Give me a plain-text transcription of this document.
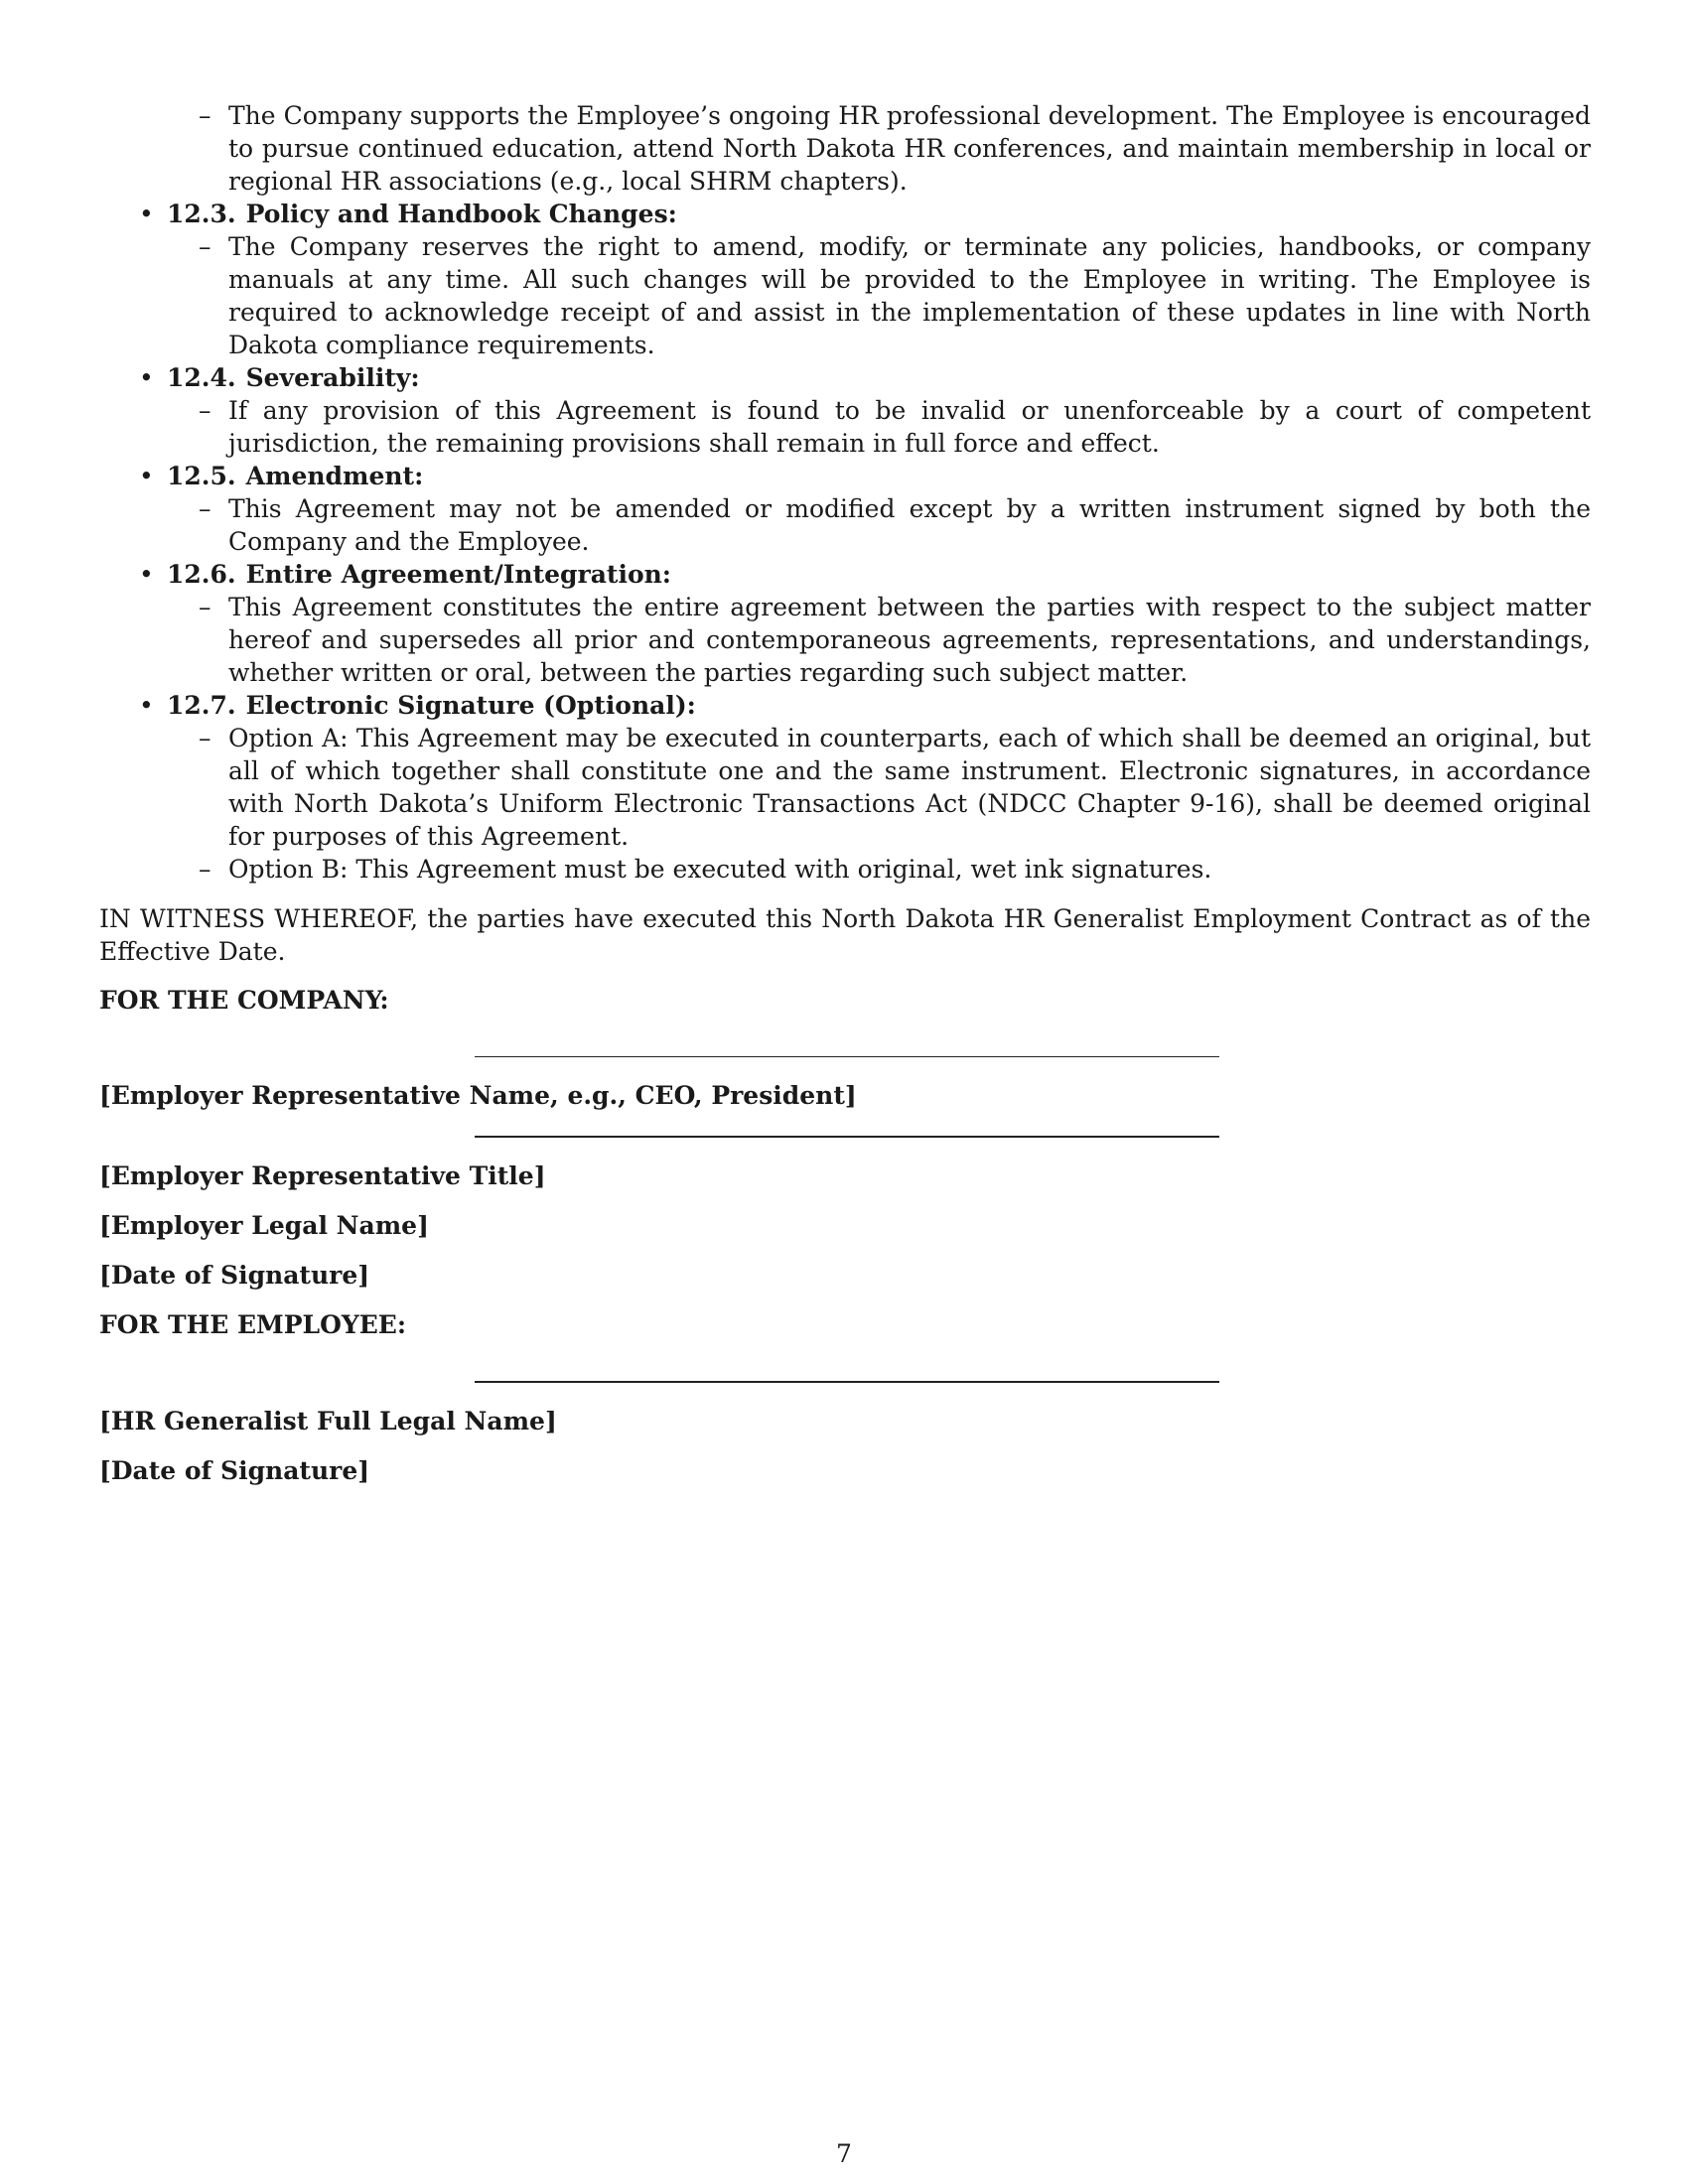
– The Company supports the Employee’s ongoing HR professional development. The Employee is encouraged to pursue continued education, attend North Dakota HR conferences, and maintain membership in local or regional HR associations (e.g., local SHRM chapters).
• 12.3. Policy and Handbook Changes:
– The Company reserves the right to amend, modify, or terminate any policies, handbooks, or company manuals at any time. All such changes will be provided to the Employee in writing. The Employee is required to acknowledge receipt of and assist in the implementation of these updates in line with North Dakota compliance requirements.
• 12.4. Severability:
– If any provision of this Agreement is found to be invalid or unenforceable by a court of competent jurisdiction, the remaining provisions shall remain in full force and effect.
• 12.5. Amendment:
– This Agreement may not be amended or modified except by a written instrument signed by both the Company and the Employee.
• 12.6. Entire Agreement/Integration:
– This Agreement constitutes the entire agreement between the parties with respect to the subject matter hereof and supersedes all prior and contemporaneous agreements, representations, and understandings, whether written or oral, between the parties regarding such subject matter.
• 12.7. Electronic Signature (Optional):
– Option A: This Agreement may be executed in counterparts, each of which shall be deemed an original, but all of which together shall constitute one and the same instrument. Electronic signatures, in accordance with North Dakota’s Uniform Electronic Transactions Act (NDCC Chapter 9-16), shall be deemed original for purposes of this Agreement.
– Option B: This Agreement must be executed with original, wet ink signatures.
IN WITNESS WHEREOF, the parties have executed this North Dakota HR Generalist Employment Contract as of the Effective Date.
FOR THE COMPANY:
[Employer Representative Name, e.g., CEO, President]
[Employer Representative Title]
[Employer Legal Name]
[Date of Signature]
FOR THE EMPLOYEE:
[HR Generalist Full Legal Name]
[Date of Signature]
7
